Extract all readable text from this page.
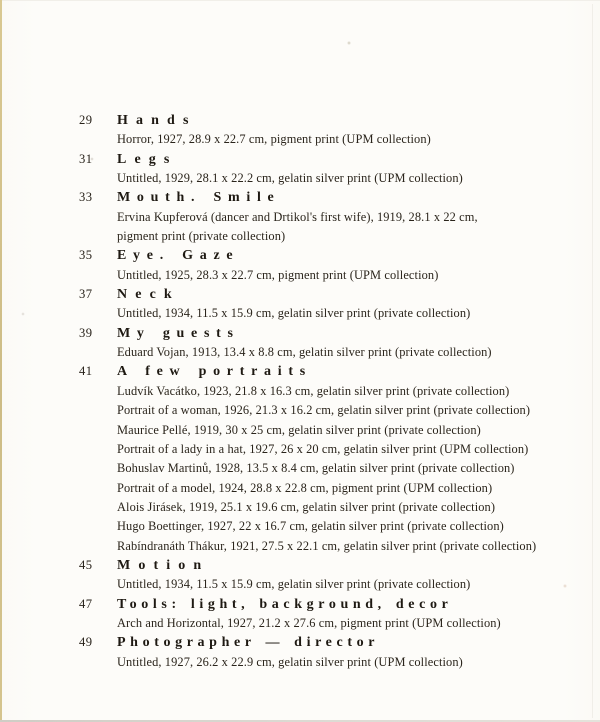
29 Hands
Horror, 1927, 28.9 x 22.7 cm, pigment print (UPM collection)
31 Legs
Untitled, 1929, 28.1 x 22.2 cm, gelatin silver print (UPM collection)
33 Mouth. Smile
Ervina Kupferová (dancer and Drtikol's first wife), 1919, 28.1 x 22 cm,
pigment print (private collection)
35 Eye. Gaze
Untitled, 1925, 28.3 x 22.7 cm, pigment print (UPM collection)
37 Neck
Untitled, 1934, 11.5 x 15.9 cm, gelatin silver print (private collection)
39 My guests
Eduard Vojan, 1913, 13.4 x 8.8 cm, gelatin silver print (private collection)
41 A few portraits
Ludvík Vacátko, 1923, 21.8 x 16.3 cm, gelatin silver print (private collection)
Portrait of a woman, 1926, 21.3 x 16.2 cm, gelatin silver print (private collection)
Maurice Pellé, 1919, 30 x 25 cm, gelatin silver print (private collection)
Portrait of a lady in a hat, 1927, 26 x 20 cm, gelatin silver print (UPM collection)
Bohuslav Martinů, 1928, 13.5 x 8.4 cm, gelatin silver print (private collection)
Portrait of a model, 1924, 28.8 x 22.8 cm, pigment print (UPM collection)
Alois Jirásek, 1919, 25.1 x 19.6 cm, gelatin silver print (private collection)
Hugo Boettinger, 1927, 22 x 16.7 cm, gelatin silver print (private collection)
Rabíndranáth Thákur, 1921, 27.5 x 22.1 cm, gelatin silver print (private collection)
45 Motion
Untitled, 1934, 11.5 x 15.9 cm, gelatin silver print (private collection)
47 Tools: light, background, decor
Arch and Horizontal, 1927, 21.2 x 27.6 cm, pigment print (UPM collection)
49 Photographer — director
Untitled, 1927, 26.2 x 22.9 cm, gelatin silver print (UPM collection)
